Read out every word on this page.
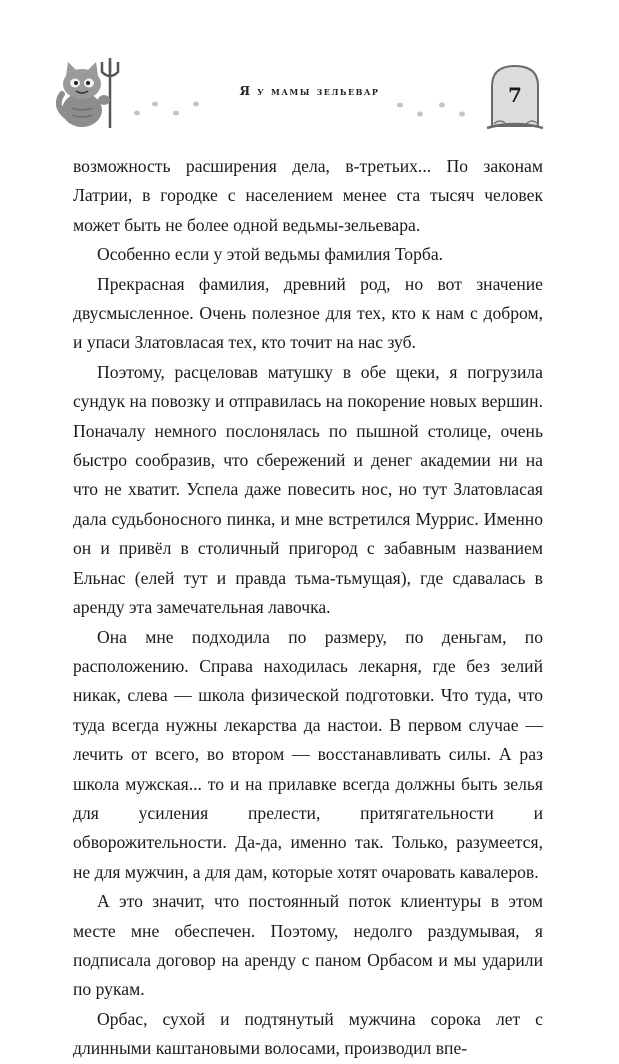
Я у мамы зельевар	7

возможность расширения дела, в-третьих... По законам Латрии, в городке с населением менее ста тысяч человек может быть не более одной ведьмы-зельевара.

Особенно если у этой ведьмы фамилия Торба.

Прекрасная фамилия, древний род, но вот значение двусмысленное. Очень полезное для тех, кто к нам с добром, и упаси Златовласая тех, кто точит на нас зуб.

Поэтому, расцеловав матушку в обе щеки, я погрузила сундук на повозку и отправилась на покорение новых вершин. Поначалу немного послонялась по пышной столице, очень быстро сообразив, что сбережений и денег академии ни на что не хватит. Успела даже повесить нос, но тут Златовласая дала судьбоносного пинка, и мне встретился Муррис. Именно он и привёл в столичный пригород с забавным названием Ельнас (елей тут и правда тьма-тьмущая), где сдавалась в аренду эта замечательная лавочка.

Она мне подходила по размеру, по деньгам, по расположению. Справа находилась лекарня, где без зелий никак, слева — школа физической подготовки. Что туда, что туда всегда нужны лекарства да настои. В первом случае — лечить от всего, во втором — восстанавливать силы. А раз школа мужская... то и на прилавке всегда должны быть зелья для усиления прелести, притягательности и обворожительности. Да-да, именно так. Только, разумеется, не для мужчин, а для дам, которые хотят очаровать кавалеров.

А это значит, что постоянный поток клиентуры в этом месте мне обеспечен. Поэтому, недолго раздумывая, я подписала договор на аренду с паном Орбасом и мы ударили по рукам.

Орбас, сухой и подтянутый мужчина сорока лет с длинными каштановыми волосами, производил впе-
